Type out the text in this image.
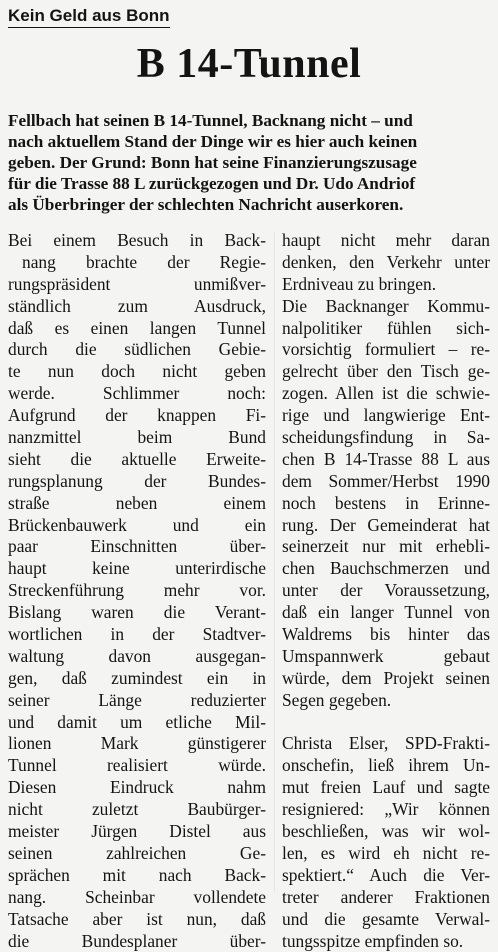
Kein Geld aus Bonn
B 14-Tunnel
Fellbach hat seinen B 14-Tunnel, Backnang nicht – und
nach aktuellem Stand der Dinge wir es hier auch keinen
geben. Der Grund: Bonn hat seine Finanzierungszusage
für die Trasse 88 L zurückgezogen und Dr. Udo Andriof
als Überbringer der schlechten Nachricht auserkoren.
Bei einem Besuch in Back-
nang brachte der Regie-
rungspräsident unmißver-
ständlich zum Ausdruck,
daß es einen langen Tunnel
durch die südlichen Gebie-
te nun doch nicht geben
werde. Schlimmer noch:
Aufgrund der knappen Fi-
nanzmittel beim Bund
sieht die aktuelle Erweite-
rungsplanung der Bundes-
straße neben einem
Brückenbauwerk und ein
paar Einschnitten über-
haupt keine unterirdische
Streckenführung mehr vor.
Bislang waren die Verant-
wortlichen in der Stadtver-
waltung davon ausgegan-
gen, daß zumindest ein in
seiner Länge reduzierter
und damit um etliche Mil-
lionen Mark günstigerer
Tunnel realisiert würde.
Diesen Eindruck nahm
nicht zuletzt Baubürger-
meister Jürgen Distel aus
seinen zahlreichen Ge-
sprächen mit nach Back-
nang. Scheinbar vollendete
Tatsache aber ist nun, daß
die Bundesplaner über-
haupt nicht mehr daran
denken, den Verkehr unter
Erdniveau zu bringen.
Die Backnanger Kommu-
nalpolitiker fühlen sich-
vorsichtig formuliert – re-
gelrecht über den Tisch ge-
zogen. Allen ist die schwie-
rige und langwierige Ent-
scheidungsfindung in Sa-
chen B 14-Trasse 88 L aus
dem Sommer/Herbst 1990
noch bestens in Erinne-
rung. Der Gemeinderat hat
seinerzeit nur mit erhebli-
chen Bauchschmerzen und
unter der Voraussetzung,
daß ein langer Tunnel von
Waldrems bis hinter das
Umspannwerk gebaut
würde, dem Projekt seinen
Segen gegeben.
Christa Elser, SPD-Frakti-
onschefin, ließ ihrem Un-
mut freien Lauf und sagte
resigniered: „Wir können
beschließen, was wir wol-
len, es wird eh nicht re-
spektiert.“ Auch die Ver-
treter anderer Fraktionen
und die gesamte Verwal-
tungsspitze empfinden so.
